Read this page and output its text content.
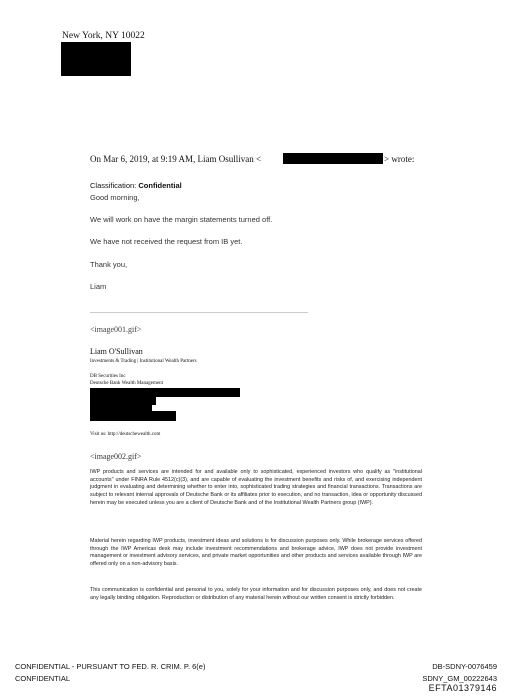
New York, NY 10022
On Mar 6, 2019, at 9:19 AM, Liam Osullivan <	> wrote:
Classification: Confidential
Good morning,
We will work on have the margin statements turned off.
We have not received the request from IB yet.
Thank you,
Liam
<image001.gif>
Liam O'Sullivan
Investments & Trading | Institutional Wealth Partners
DB Securities Inc
Deutsche Bank Wealth Management
Visit us: http://deutschewealth.com
<image002.gif>
IWP products and services are intended for and available only to sophisticated, experienced investors who qualify as "institutional accounts" under FINRA Rule 4512(c)(3), and are capable of evaluating the investment benefits and risks of, and exercising independent judgment in evaluating and determining whether to enter into, sophisticated trading strategies and financial transactions. Transactions are subject to relevant internal approvals of Deutsche Bank or its affiliates prior to execution, and no transaction, idea or opportunity discussed herein may be executed unless you are a client of Deutsche Bank and of the Institutional Wealth Partners group (IWP).
Material herein regarding IWP products, investment ideas and solutions is for discussion purposes only. While brokerage services offered through the IWP Americas desk may include investment recommendations and brokerage advice, IWP does not provide investment management or investment advisory services, and private market opportunities and other products and services available through IWP are offered only on a non-advisory basis.
This communication is confidential and personal to you, solely for your information and for discussion purposes only, and does not create any legally binding obligation. Reproduction or distribution of any material herein without our written consent is strictly forbidden.
CONFIDENTIAL - PURSUANT TO FED. R. CRIM. P. 6(e)
CONFIDENTIAL
DB-SDNY-0076459
SDNY_GM_00222643
EFTA01379146
